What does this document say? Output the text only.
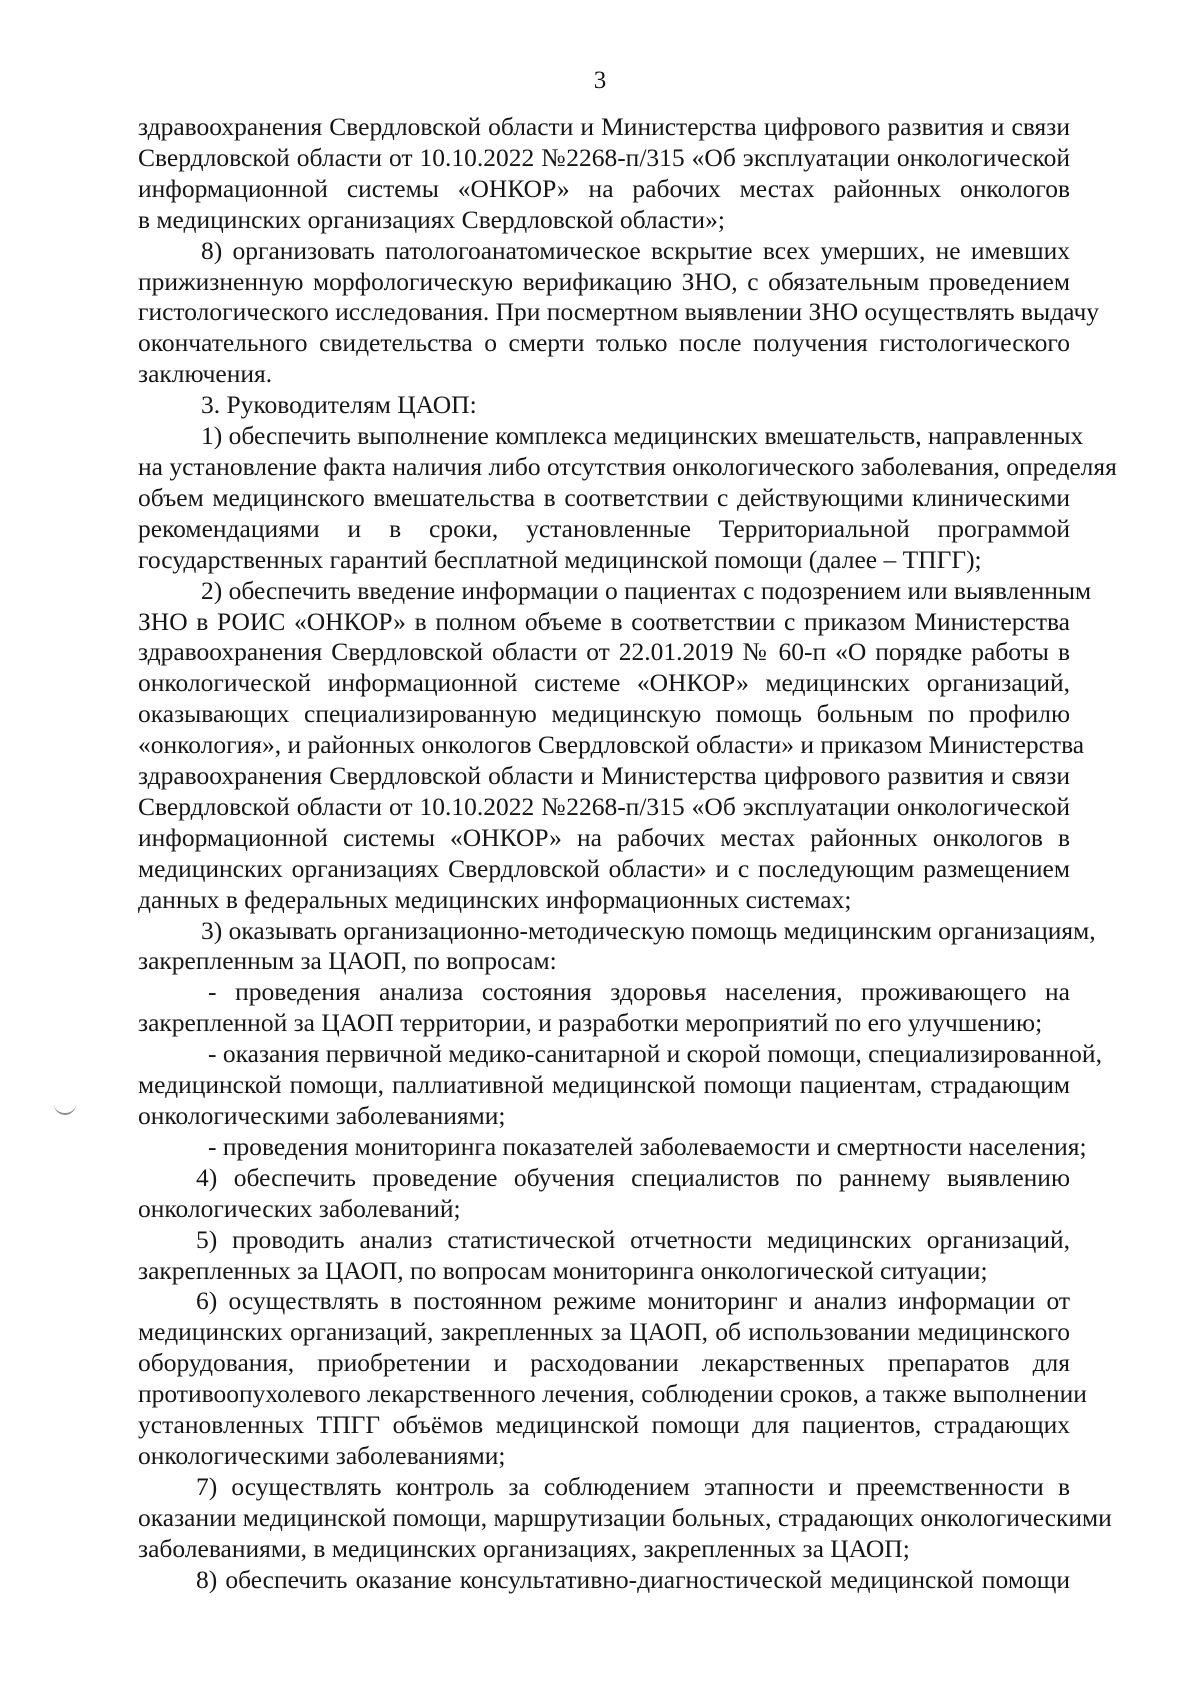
3
здравоохранения Свердловской области и Министерства цифрового развития и связи
Свердловской области от 10.10.2022 №2268-п/315 «Об эксплуатации онкологической
информационной системы «ОНКОР» на рабочих местах районных онкологов
в медицинских организациях Свердловской области»;
8) организовать патологоанатомическое вскрытие всех умерших, не имевших
прижизненную морфологическую верификацию ЗНО, с обязательным проведением
гистологического исследования. При посмертном выявлении ЗНО осуществлять выдачу
окончательного свидетельства о смерти только после получения гистологического
заключения.
3. Руководителям ЦАОП:
1) обеспечить выполнение комплекса медицинских вмешательств, направленных
на установление факта наличия либо отсутствия онкологического заболевания, определяя
объем медицинского вмешательства в соответствии с действующими клиническими
рекомендациями и в сроки, установленные Территориальной программой
государственных гарантий бесплатной медицинской помощи (далее – ТПГГ);
2) обеспечить введение информации о пациентах с подозрением или выявленным
ЗНО в РОИС «ОНКОР» в полном объеме в соответствии с приказом Министерства
здравоохранения Свердловской области от 22.01.2019 № 60-п «О порядке работы в
онкологической информационной системе «ОНКОР» медицинских организаций,
оказывающих специализированную медицинскую помощь больным по профилю
«онкология», и районных онкологов Свердловской области» и приказом Министерства
здравоохранения Свердловской области и Министерства цифрового развития и связи
Свердловской области от 10.10.2022 №2268-п/315 «Об эксплуатации онкологической
информационной системы «ОНКОР» на рабочих местах районных онкологов в
медицинских организациях Свердловской области» и с последующим размещением
данных в федеральных медицинских информационных системах;
3) оказывать организационно-методическую помощь медицинским организациям,
закрепленным за ЦАОП, по вопросам:
- проведения анализа состояния здоровья населения, проживающего на
закрепленной за ЦАОП территории, и разработки мероприятий по его улучшению;
- оказания первичной медико-санитарной и скорой помощи, специализированной,
медицинской помощи, паллиативной медицинской помощи пациентам, страдающим
онкологическими заболеваниями;
- проведения мониторинга показателей заболеваемости и смертности населения;
4) обеспечить проведение обучения специалистов по раннему выявлению
онкологических заболеваний;
5) проводить анализ статистической отчетности медицинских организаций,
закрепленных за ЦАОП, по вопросам мониторинга онкологической ситуации;
6) осуществлять в постоянном режиме мониторинг и анализ информации от
медицинских организаций, закрепленных за ЦАОП, об использовании медицинского
оборудования, приобретении и расходовании лекарственных препаратов для
противоопухолевого лекарственного лечения, соблюдении сроков, а также выполнении
установленных ТПГГ объёмов медицинской помощи для пациентов, страдающих
онкологическими заболеваниями;
7) осуществлять контроль за соблюдением этапности и преемственности в
оказании медицинской помощи, маршрутизации больных, страдающих онкологическими
заболеваниями, в медицинских организациях, закрепленных за ЦАОП;
8) обеспечить оказание консультативно-диагностической медицинской помощи
